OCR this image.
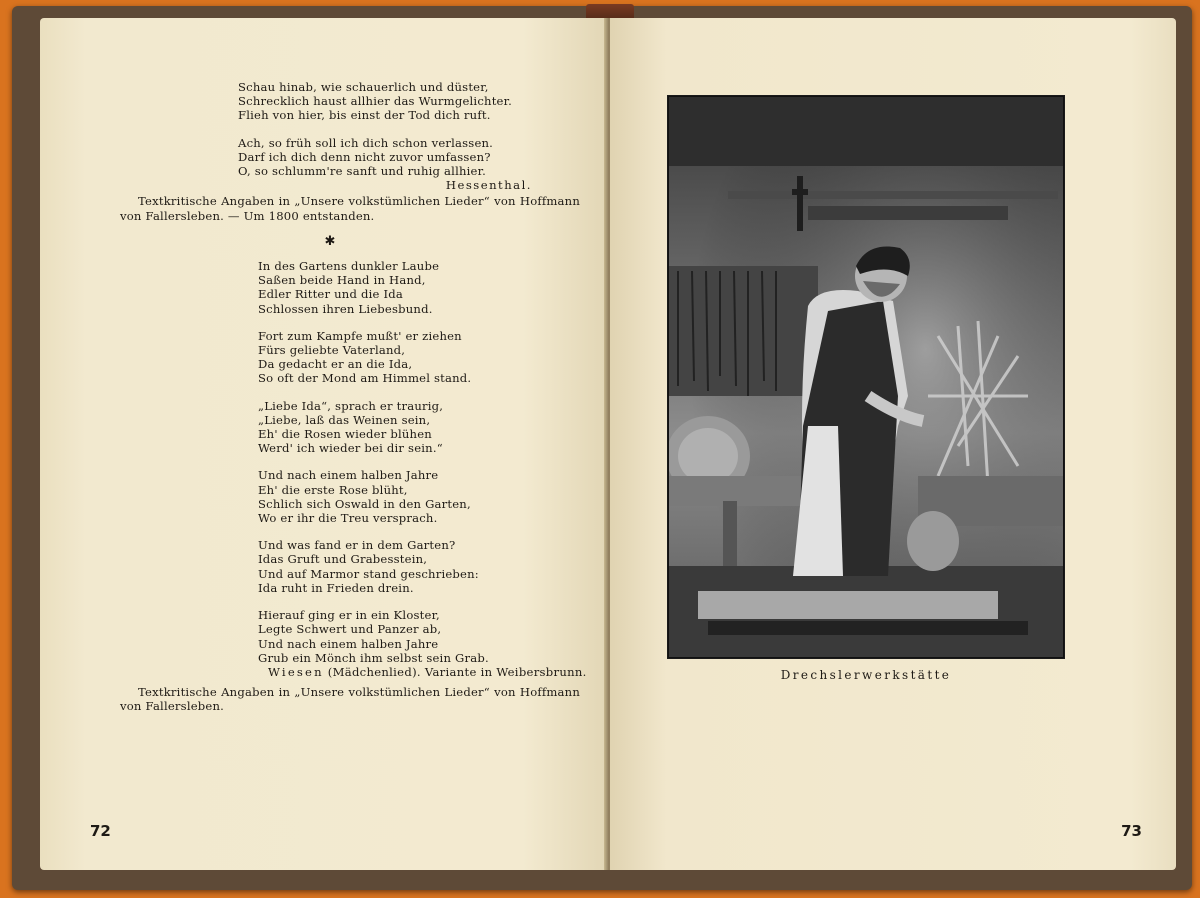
Schau hinab, wie schauerlich und düster,
Schrecklich haust allhier das Wurmgelichter.
Flieh von hier, bis einst der Tod dich ruft.
Ach, so früh soll ich dich schon verlassen.
Darf ich dich denn nicht zuvor umfassen?
O, so schlumm're sanft und ruhig allhier.
Hessenthal.
Textkritische Angaben in „Unsere volkstümlichen Lieder“ von Hoffmann von Fallersleben. — Um 1800 entstanden.
✱
In des Gartens dunkler Laube
Saßen beide Hand in Hand,
Edler Ritter und die Ida
Schlossen ihren Liebesbund.
Fort zum Kampfe mußt' er ziehen
Fürs geliebte Vaterland,
Da gedacht er an die Ida,
So oft der Mond am Himmel stand.
„Liebe Ida“, sprach er traurig,
„Liebe, laß das Weinen sein,
Eh' die Rosen wieder blühen
Werd' ich wieder bei dir sein.“
Und nach einem halben Jahre
Eh' die erste Rose blüht,
Schlich sich Oswald in den Garten,
Wo er ihr die Treu versprach.
Und was fand er in dem Garten?
Idas Gruft und Grabesstein,
Und auf Marmor stand geschrieben:
Ida ruht in Frieden drein.
Hierauf ging er in ein Kloster,
Legte Schwert und Panzer ab,
Und nach einem halben Jahre
Grub ein Mönch ihm selbst sein Grab.
Wiesen (Mädchenlied). Variante in Weibersbrunn.
Textkritische Angaben in „Unsere volkstümlichen Lieder“ von Hoffmann von Fallersleben.
72
Drechslerwerkstätte
73
